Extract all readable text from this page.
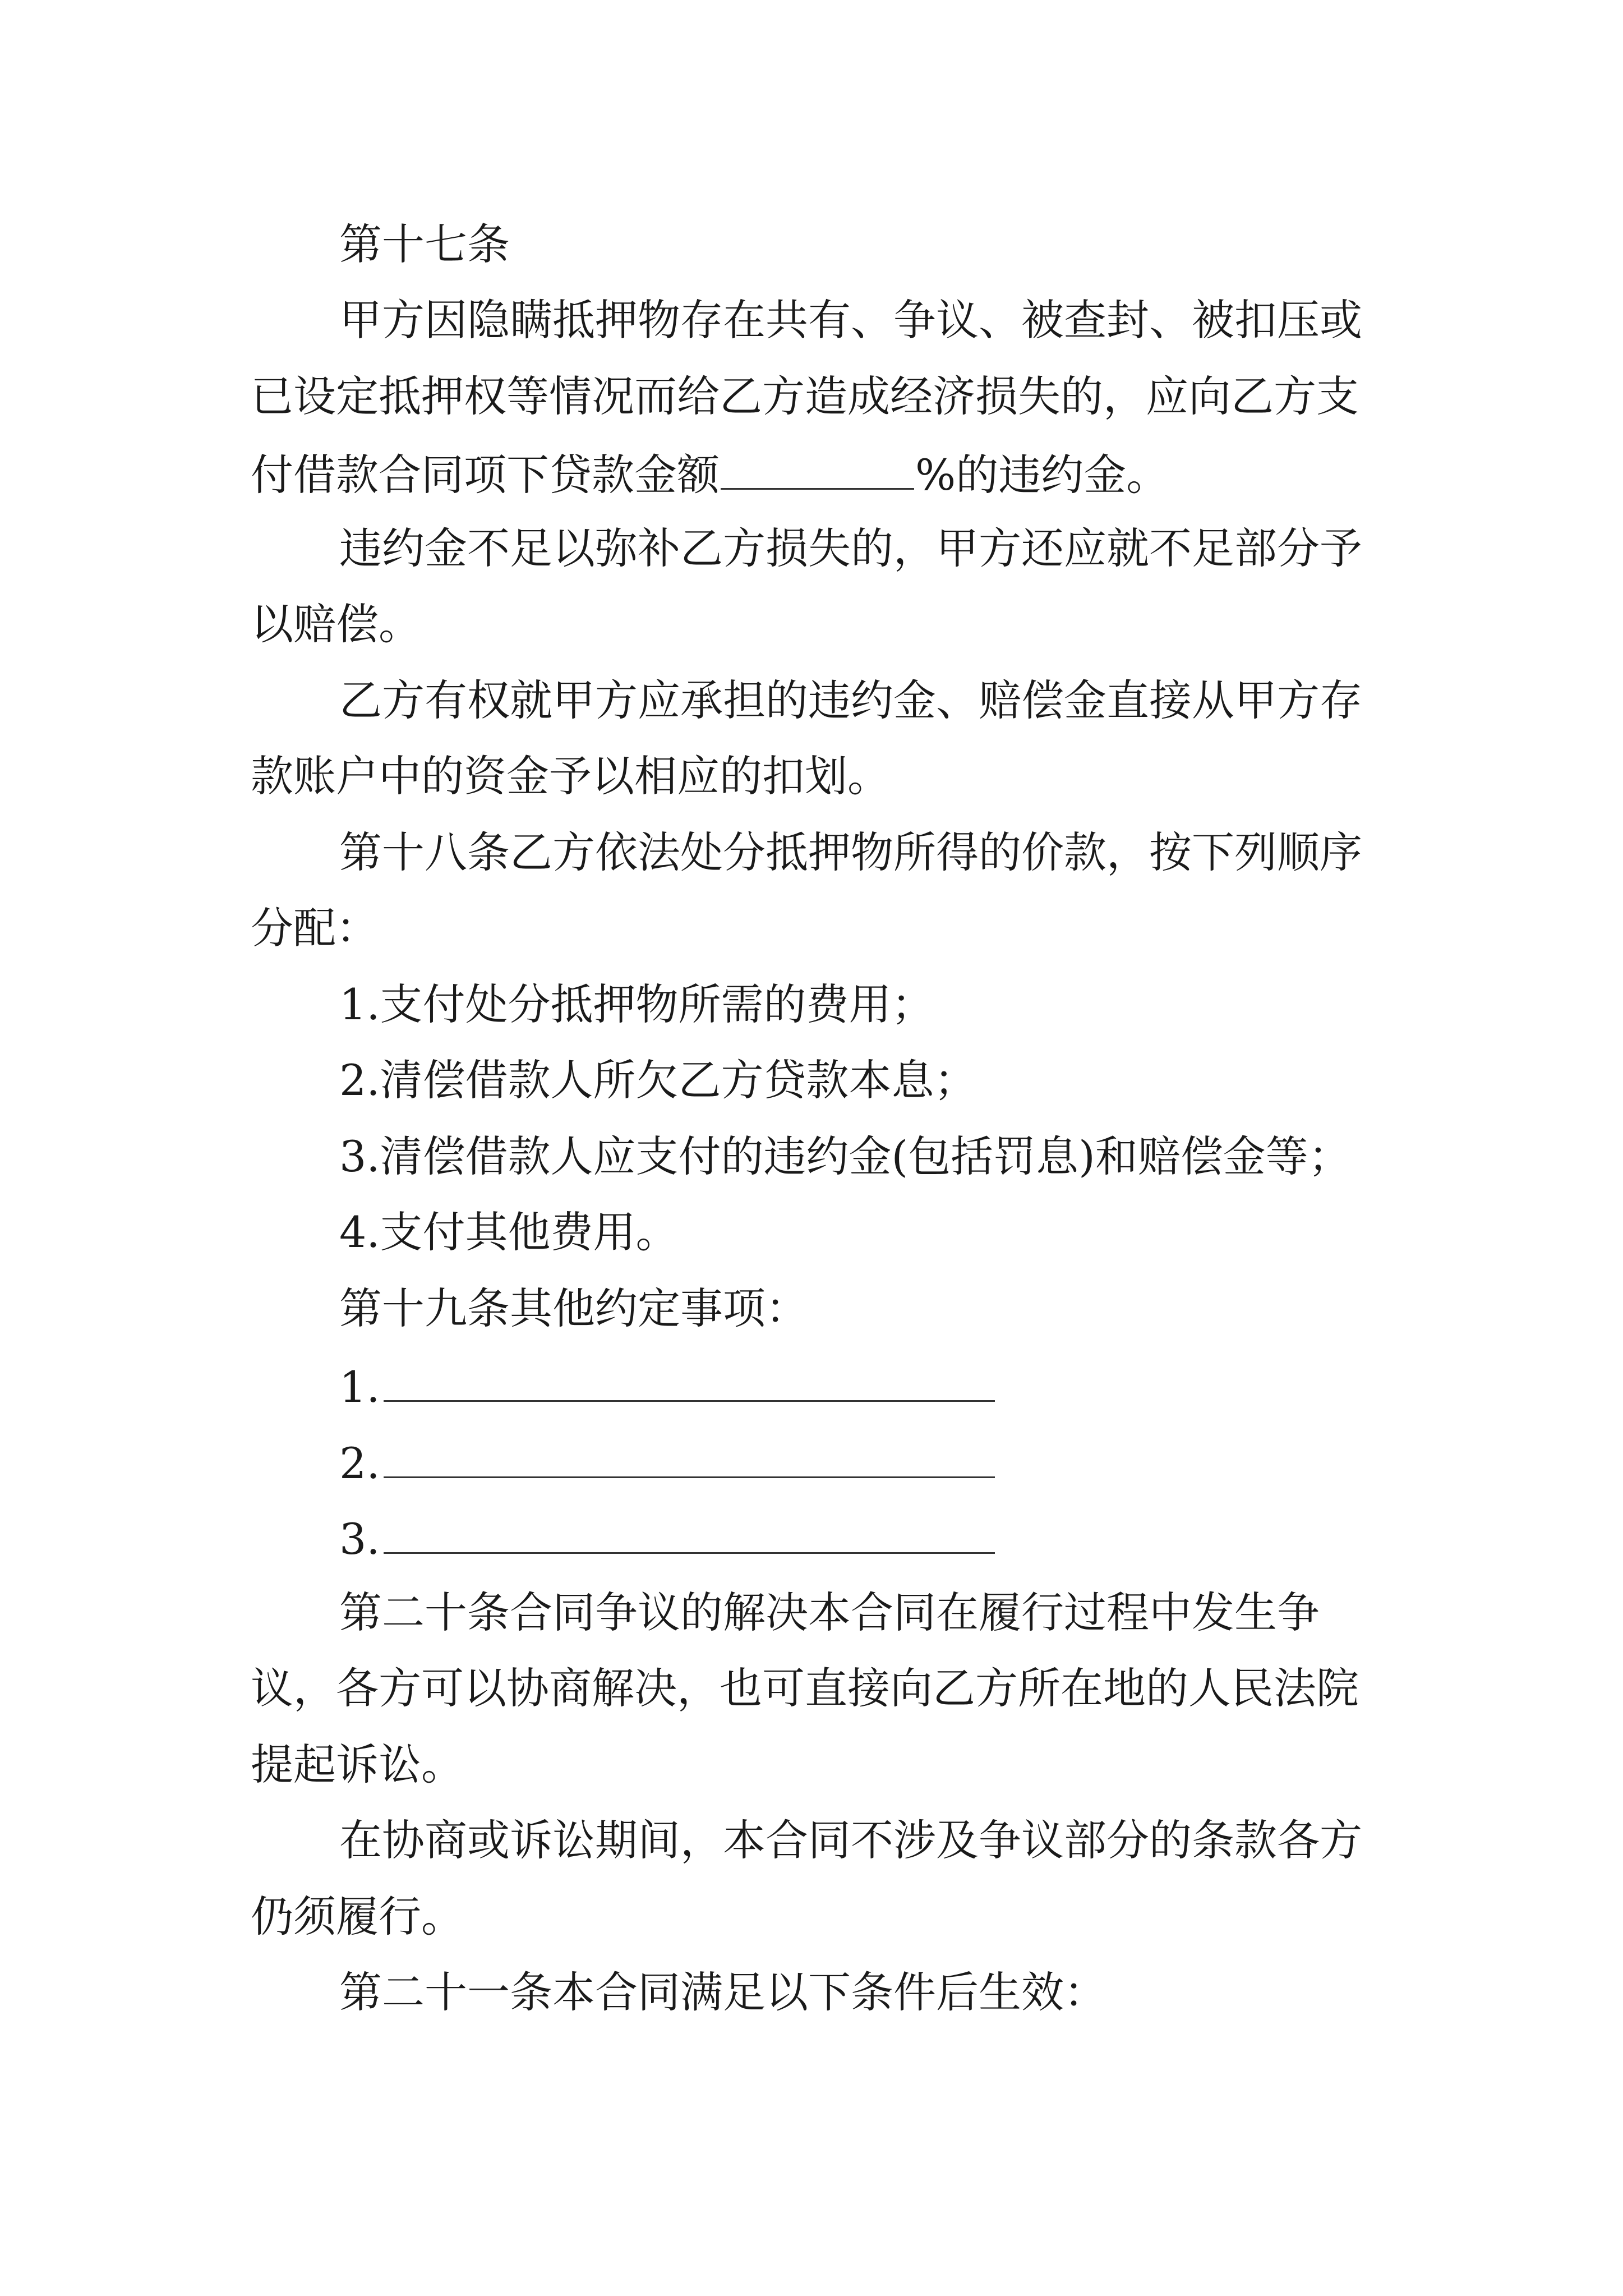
第十七条

甲方因隐瞒抵押物存在共有、争议、被查封、被扣压或

已设定抵押权等情况而给乙方造成经济损失的，应向乙方支

付借款合同项下贷款金额	%的违约金。

违约金不足以弥补乙方损失的，甲方还应就不足部分予

以赔偿。

乙方有权就甲方应承担的违约金、赔偿金直接从甲方存

款账户中的资金予以相应的扣划。

第十八条乙方依法处分抵押物所得的价款，按下列顺序

分配：

1.支付处分抵押物所需的费用；

2.清偿借款人所欠乙方贷款本息；

3.清偿借款人应支付的违约金(包括罚息)和赔偿金等；

4.支付其他费用。

第十九条其他约定事项：

1.

2.

3.

第二十条合同争议的解决本合同在履行过程中发生争

议，各方可以协商解决，也可直接向乙方所在地的人民法院

提起诉讼。

在协商或诉讼期间，本合同不涉及争议部分的条款各方

仍须履行。

第二十一条本合同满足以下条件后生效：
